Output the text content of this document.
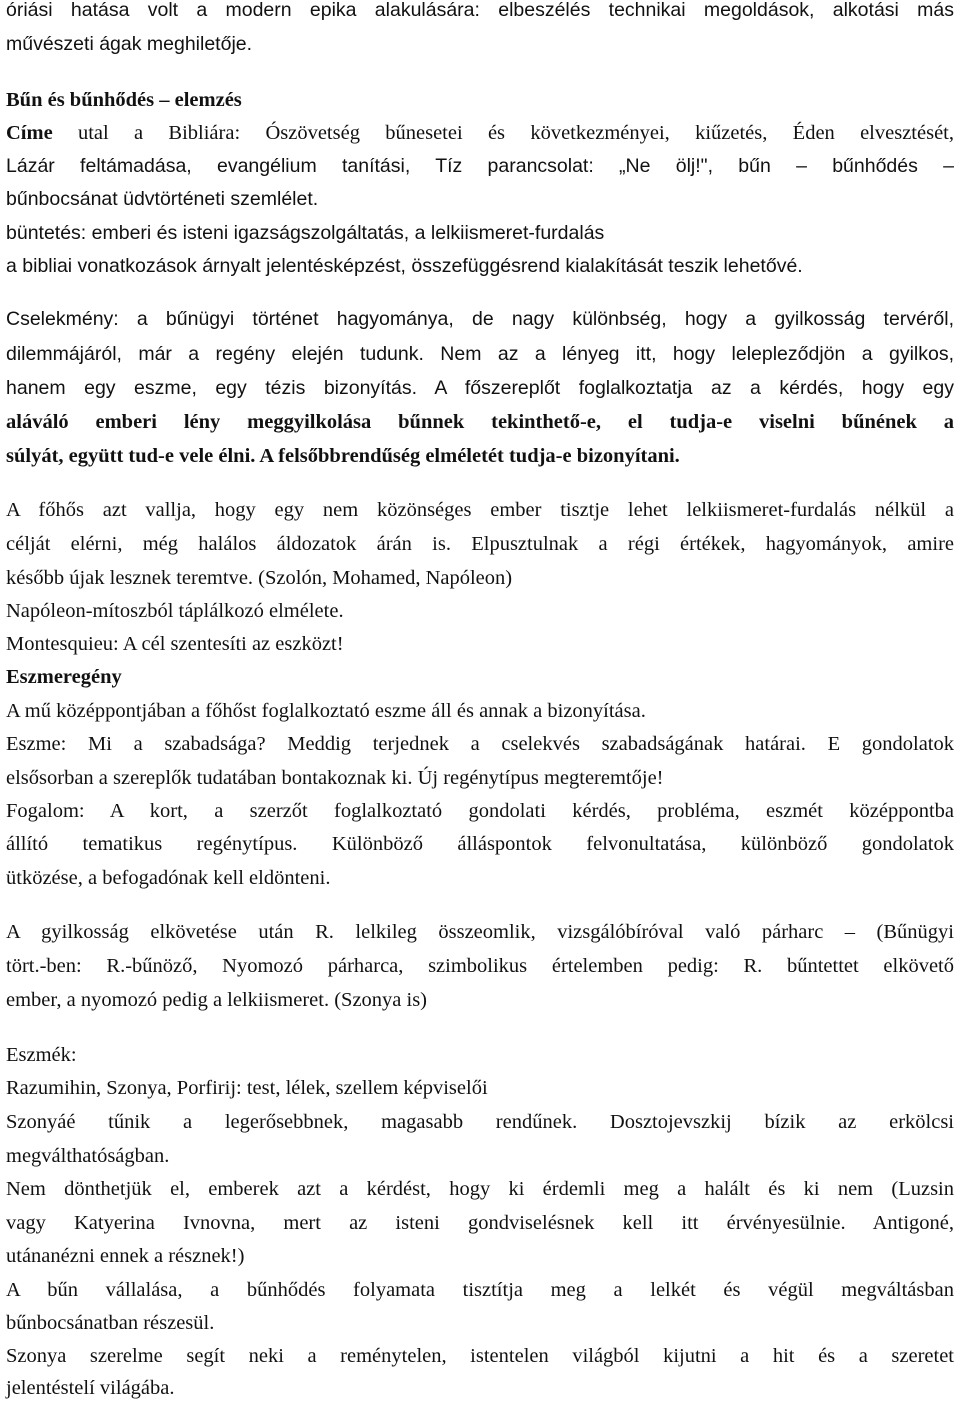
óriási hatása volt a modern epika alakulására: elbeszélés technikai megoldások, alkotási más
művészeti ágak meghiletője.
Bűn és bűnhődés – elemzés
Címe utal a Bibliára: Ószövetség bűnesetei és következményei, kiűzetés, Éden elvesztését,
Lázár feltámadása, evangélium tanítási, Tíz parancsolat: „Ne ölj!", bűn – bűnhődés –
bűnbocsánat üdvtörténeti szemlélet.
büntetés: emberi és isteni igazságszolgáltatás, a lelkiismeret-furdalás
a bibliai vonatkozások árnyalt jelentésképzést, összefüggésrend kialakítását teszik lehetővé.
Cselekmény: a bűnügyi történet hagyománya, de nagy különbség, hogy a gyilkosság tervéről,
dilemmájáról, már a regény elején tudunk. Nem az a lényeg itt, hogy lelepleződjön a gyilkos,
hanem egy eszme, egy tézis bizonyítás. A főszereplőt foglalkoztatja az a kérdés, hogy egy
aláváló emberi lény meggyilkolása bűnnek tekinthető-e, el tudja-e viselni bűnének a
súlyát, együtt tud-e vele élni. A felsőbbrendűség elméletét tudja-e bizonyítani.
A főhős azt vallja, hogy egy nem közönséges ember tisztje lehet lelkiismeret-furdalás nélkül a
célját elérni, még halálos áldozatok árán is. Elpusztulnak a régi értékek, hagyományok, amire
később újak lesznek teremtve. (Szolón, Mohamed, Napóleon)
Napóleon-mítoszból táplálkozó elmélete.
Montesquieu: A cél szentesíti az eszközt!
Eszmeregény
A mű középpontjában a főhőst foglalkoztató eszme áll és annak a bizonyítása.
Eszme: Mi a szabadsága? Meddig terjednek a cselekvés szabadságának határai. E gondolatok
elsősorban a szereplők tudatában bontakoznak ki. Új regénytípus megteremtője!
Fogalom: A kort, a szerzőt foglalkoztató gondolati kérdés, probléma, eszmét középpontba
állító tematikus regénytípus. Különböző álláspontok felvonultatása, különböző gondolatok
ütközése, a befogadónak kell eldönteni.
A gyilkosság elkövetése után R. lelkileg összeomlik, vizsgálóbíróval való párharc – (Bűnügyi
tört.-ben: R.-bűnöző, Nyomozó párharca, szimbolikus értelemben pedig: R. bűntettet elkövető
ember, a nyomozó pedig a lelkiismeret. (Szonya is)
Eszmék:
Razumihin, Szonya, Porfirij: test, lélek, szellem képviselői
Szonyáé tűnik a legerősebbnek, magasabb rendűnek. Dosztojevszkij bízik az erkölcsi
megválthatóságban.
Nem dönthetjük el, emberek azt a kérdést, hogy ki érdemli meg a halált és ki nem (Luzsin
vagy Katyerina Ivnovna, mert az isteni gondviselésnek kell itt érvényesülnie. Antigoné,
utánanézni ennek a résznek!)
A bűn vállalása, a bűnhődés folyamata tisztítja meg a lelkét és végül megváltásban
bűnbocsánatban részesül.
Szonya szerelme segít neki a reménytelen, istentelen világból kijutni a hit és a szeretet
jelentéstelí világába.
